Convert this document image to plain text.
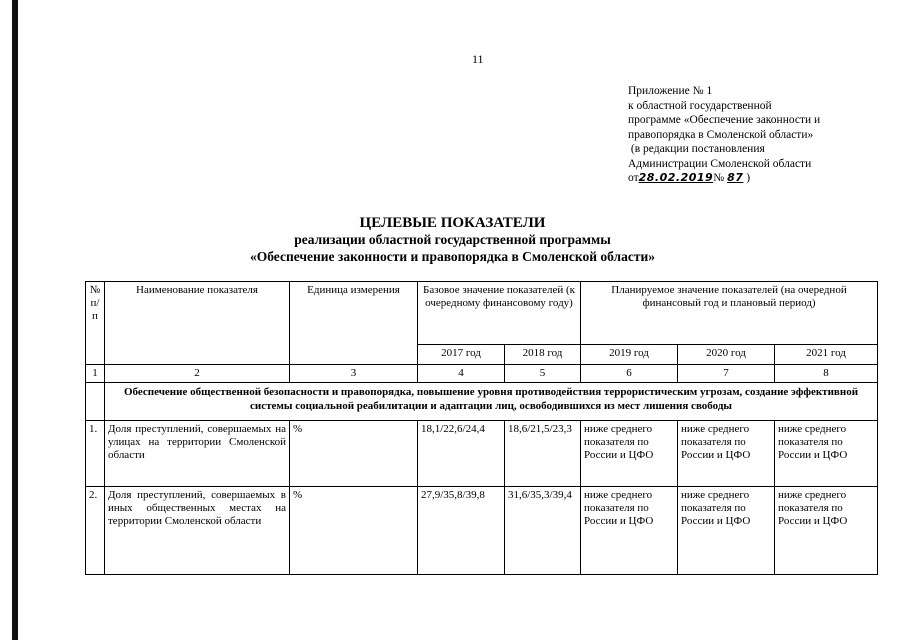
11
Приложение № 1
к областной государственной
программе «Обеспечение законности и
правопорядка в Смоленской области»
(в редакции постановления
Администрации Смоленской области
от28.02.2019№ 87 )
ЦЕЛЕВЫЕ ПОКАЗАТЕЛИ
реализации областной государственной программы
«Обеспечение законности и правопорядка в Смоленской области»
№ п/п	Наименование показателя	Единица измерения	Базовое значение показателей (к очередному финансовому году)		Планируемое значение показателей (на очередной финансовый год и плановый период)		
			2017 год	2018 год	2019 год	2020 год	2021 год
1	2	3	4	5	6	7	8
	Обеспечение общественной безопасности и правопорядка, повышение уровня противодействия террористическим угрозам, создание эффективной системы социальной реабилитации и адаптации лиц, освободившихся из мест лишения свободы						
1.	Доля преступлений, совершаемых на улицах на территории Смоленской области	%	18,1/22,6/24,4	18,6/21,5/23,3	ниже среднего показателя по России и ЦФО	ниже среднего показателя по России и ЦФО	ниже среднего показателя по России и ЦФО
2.	Доля преступлений, совершаемых в иных общественных местах на территории Смоленской области	%	27,9/35,8/39,8	31,6/35,3/39,4	ниже среднего показателя по России и ЦФО	ниже среднего показателя по России и ЦФО	ниже среднего показателя по России и ЦФО
